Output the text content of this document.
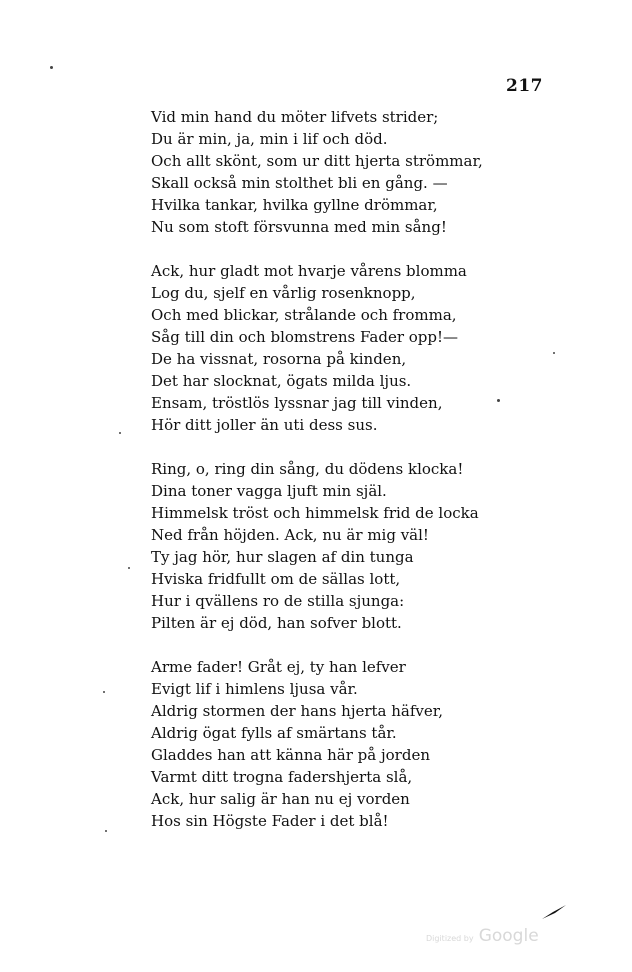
217
Vid min hand du möter lifvets strider;
Du är min, ja, min i lif och död.
Och allt skönt, som ur ditt hjerta strömmar,
Skall också min stolthet bli en gång. —
Hvilka tankar, hvilka gyllne drömmar,
Nu som stoft försvunna med min sång!
Ack, hur gladt mot hvarje vårens blomma
Log du, sjelf en vårlig rosenknopp,
Och med blickar, strålande och fromma,
Såg till din och blomstrens Fader opp!—
De ha vissnat, rosorna på kinden,
Det har slocknat, ögats milda ljus.
Ensam, tröstlös lyssnar jag till vinden,
Hör ditt joller än uti dess sus.
Ring, o, ring din sång, du dödens klocka!
Dina toner vagga ljuft min själ.
Himmelsk tröst och himmelsk frid de locka
Ned från höjden. Ack, nu är mig väl!
Ty jag hör, hur slagen af din tunga
Hviska fridfullt om de sällas lott,
Hur i qvällens ro de stilla sjunga:
Pilten är ej död, han sofver blott.
Arme fader! Gråt ej, ty han lefver
Evigt lif i himlens ljusa vår.
Aldrig stormen der hans hjerta häfver,
Aldrig ögat fylls af smärtans tår.
Gladdes han att känna här på jorden
Varmt ditt trogna fadershjerta slå,
Ack, hur salig är han nu ej vorden
Hos sin Högste Fader i det blå!
Digitized by Google
